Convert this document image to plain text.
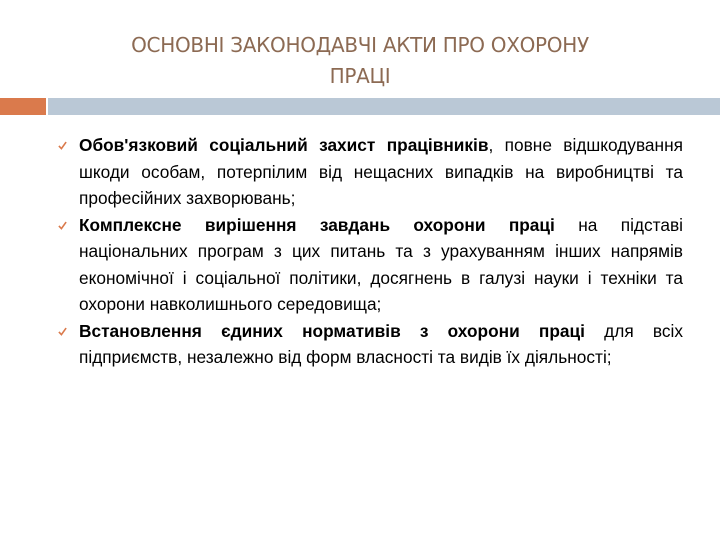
ОСНОВНІ ЗАКОНОДАВЧІ АКТИ ПРО ОХОРОНУ
ПРАЦІ
Обов'язковий соціальний захист працівників, повне відшкодування шкоди особам, потерпілим від нещасних випадків на виробництві та професійних захворювань;
Комплексне вирішення завдань охорони праці на підставі національних програм з цих питань та з урахуванням інших напрямів економічної і соціальної політики, досягнень в галузі науки і техніки та охорони навколишнього середовища;
Встановлення єдиних нормативів з охорони праці для всіх підприємств, незалежно від форм власності та видів їх діяльності;
